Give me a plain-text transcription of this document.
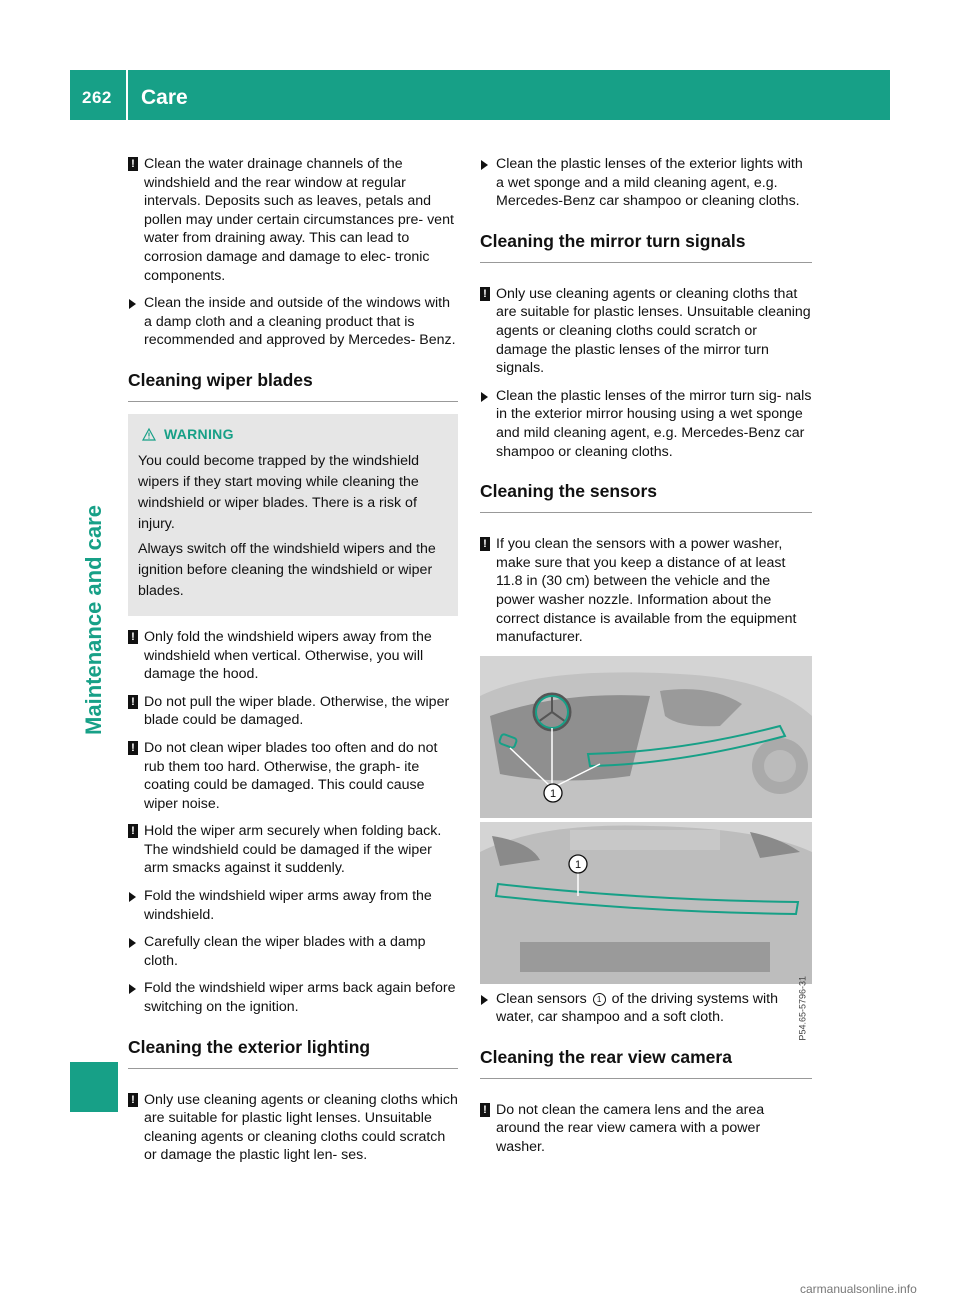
262 Care
Maintenance and care

! Clean the water drainage channels of the windshield and the rear window at regular intervals. Deposits such as leaves, petals and pollen may under certain circumstances pre- vent water from draining away. This can lead to corrosion damage and damage to elec- tronic components.

Clean the inside and outside of the windows with a damp cloth and a cleaning product that is recommended and approved by Mercedes- Benz.

Cleaning wiper blades
WARNING

You could become trapped by the windshield wipers if they start moving while cleaning the windshield or wiper blades. There is a risk of injury.

Always switch off the windshield wipers and the ignition before cleaning the windshield or wiper blades.

! Only fold the windshield wipers away from the windshield when vertical. Otherwise, you will damage the hood.

! Do not pull the wiper blade. Otherwise, the wiper blade could be damaged.

! Do not clean wiper blades too often and do not rub them too hard. Otherwise, the graph- ite coating could be damaged. This could cause wiper noise.

! Hold the wiper arm securely when folding back. The windshield could be damaged if the wiper arm smacks against it suddenly.

Fold the windshield wiper arms away from the windshield.

Carefully clean the wiper blades with a damp cloth.

Fold the windshield wiper arms back again before switching on the ignition.

Cleaning the exterior lighting

! Only use cleaning agents or cleaning cloths which are suitable for plastic light lenses. Unsuitable cleaning agents or cleaning cloths could scratch or damage the plastic light len- ses.

Clean the plastic lenses of the exterior lights with a wet sponge and a mild cleaning agent, e.g. Mercedes-Benz car shampoo or cleaning cloths.

Cleaning the mirror turn signals

! Only use cleaning agents or cleaning cloths that are suitable for plastic lenses. Unsuitable cleaning agents or cleaning cloths could scratch or damage the plastic lenses of the mirror turn signals.

Clean the plastic lenses of the mirror turn sig- nals in the exterior mirror housing using a wet sponge and mild cleaning agent, e.g. Mercedes-Benz car shampoo or cleaning cloths.

Cleaning the sensors

! If you clean the sensors with a power washer, make sure that you keep a distance of at least 11.8 in (30 cm) between the vehicle and the power washer nozzle. Information about the correct distance is available from the equipment manufacturer.

1
1
P54.65-5796-31

Clean sensors 1 of the driving systems with water, car shampoo and a soft cloth.

Cleaning the rear view camera

! Do not clean the camera lens and the area around the rear view camera with a power washer.

carmanualsonline.info
